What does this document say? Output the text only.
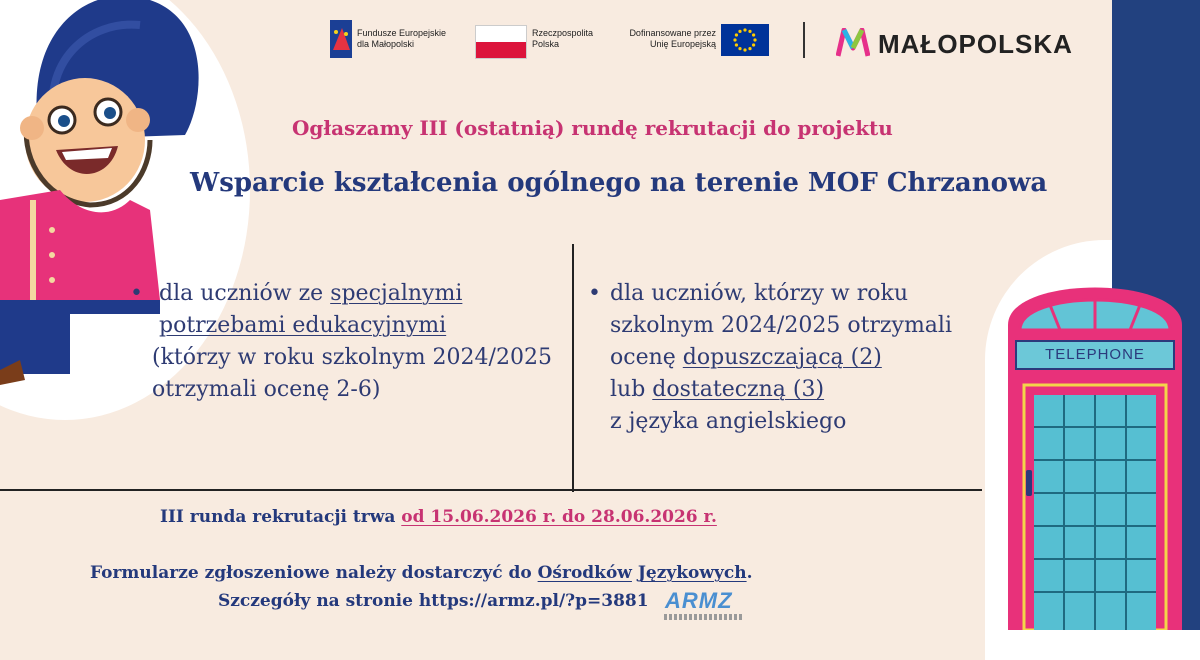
Fundusze Europejskie
dla Małopolski
Rzeczpospolita
Polska
Dofinansowane przez
Unię Europejską	MAŁOPOLSKA
Ogłaszamy III (ostatnią) rundę rekrutacji do projektu
Wsparcie kształcenia ogólnego na terenie MOF Chrzanowa
• dla uczniów ze specjalnymi
potrzebami edukacyjnymi
(którzy w roku szkolnym 2024/2025
otrzymali ocenę 2-6)
• dla uczniów, którzy w roku
szkolnym 2024/2025 otrzymali
ocenę dopuszczającą (2)
lub dostateczną (3)
z języka angielskiego
TELEPHONE
III runda rekrutacji trwa od 15.06.2026 r. do 28.06.2026 r.
Formularze zgłoszeniowe należy dostarczyć do Ośrodków Językowych.
Szczegóły na stronie https://armz.pl/?p=3881 ARMZ
